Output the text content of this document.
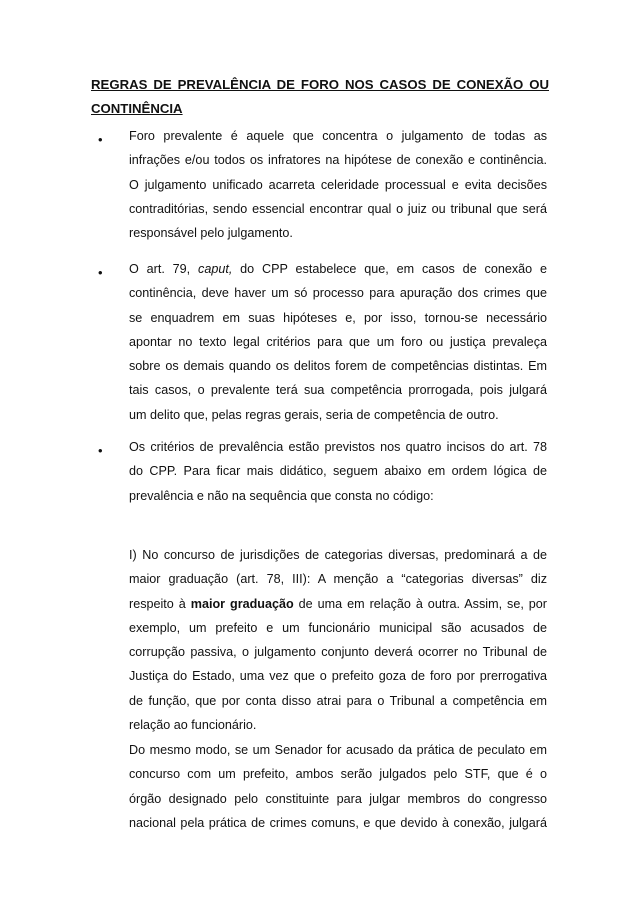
REGRAS DE PREVALÊNCIA DE FORO NOS CASOS DE CONEXÃO OU
CONTINÊNCIA
• Foro prevalente é aquele que concentra o julgamento de todas as
infrações e/ou todos os infratores na hipótese de conexão e continência.
O julgamento unificado acarreta celeridade processual e evita decisões
contraditórias, sendo essencial encontrar qual o juiz ou tribunal que será
responsável pelo julgamento.
• O art. 79, caput, do CPP estabelece que, em casos de conexão e
continência, deve haver um só processo para apuração dos crimes que
se enquadrem em suas hipóteses e, por isso, tornou-se necessário
apontar no texto legal critérios para que um foro ou justiça prevaleça
sobre os demais quando os delitos forem de competências distintas. Em
tais casos, o prevalente terá sua competência prorrogada, pois julgará
um delito que, pelas regras gerais, seria de competência de outro.
• Os critérios de prevalência estão previstos nos quatro incisos do art. 78
do CPP. Para ficar mais didático, seguem abaixo em ordem lógica de
prevalência e não na sequência que consta no código:
I) No concurso de jurisdições de categorias diversas, predominará a de
maior graduação (art. 78, III): A menção a “categorias diversas” diz
respeito à maior graduação de uma em relação à outra. Assim, se, por
exemplo, um prefeito e um funcionário municipal são acusados de
corrupção passiva, o julgamento conjunto deverá ocorrer no Tribunal de
Justiça do Estado, uma vez que o prefeito goza de foro por prerrogativa
de função, que por conta disso atrai para o Tribunal a competência em
relação ao funcionário.
Do mesmo modo, se um Senador for acusado da prática de peculato em
concurso com um prefeito, ambos serão julgados pelo STF, que é o
órgão designado pelo constituinte para julgar membros do congresso
nacional pela prática de crimes comuns, e que devido à conexão, julgará
